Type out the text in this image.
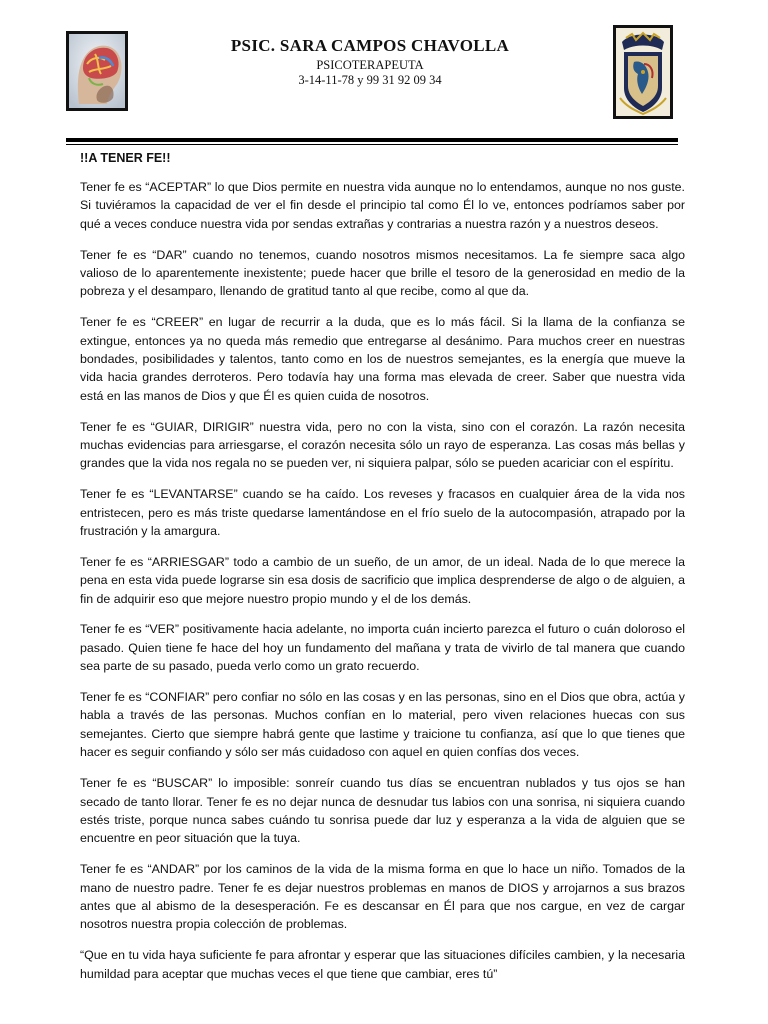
PSIC. SARA CAMPOS CHAVOLLA
PSICOTERAPEUTA
3-14-11-78 y 99 31 92 09 34
!!A TENER FE!!

Tener fe es “ACEPTAR” lo que Dios permite en nuestra vida aunque no lo entendamos, aunque no nos guste. Si tuviéramos la capacidad de ver el fin desde el principio tal como Él lo ve, entonces podríamos saber por qué a veces conduce nuestra vida por sendas extrañas y contrarias a nuestra razón y a nuestros deseos.

Tener fe es “DAR” cuando no tenemos, cuando nosotros mismos necesitamos. La fe siempre saca algo valioso de lo aparentemente inexistente; puede hacer que brille el tesoro de la generosidad en medio de la pobreza y el desamparo, llenando de gratitud tanto al que recibe, como al que da.

Tener fe es “CREER” en lugar de recurrir a la duda, que es lo más fácil. Si la llama de la confianza se extingue, entonces ya no queda más remedio que entregarse al desánimo. Para muchos creer en nuestras bondades, posibilidades y talentos, tanto como en los de nuestros semejantes, es la energía que mueve la vida hacia grandes derroteros. Pero todavía hay una forma mas elevada de creer. Saber que nuestra vida está en las manos de Dios y que Él es quien cuida de nosotros.

Tener fe es “GUIAR, DIRIGIR” nuestra vida, pero no con la vista, sino con el corazón. La razón necesita muchas evidencias para arriesgarse, el corazón necesita sólo un rayo de esperanza. Las cosas más bellas y grandes que la vida nos regala no se pueden ver, ni siquiera palpar, sólo se pueden acariciar con el espíritu.

Tener fe es “LEVANTARSE” cuando se ha caído. Los reveses y fracasos en cualquier área de la vida nos entristecen, pero es más triste quedarse lamentándose en el frío suelo de la autocompasión, atrapado por la frustración y la amargura.

Tener fe es “ARRIESGAR” todo a cambio de un sueño, de un amor, de un ideal. Nada de lo que merece la pena en esta vida puede lograrse sin esa dosis de sacrificio que implica desprenderse de algo o de alguien, a fin de adquirir eso que mejore nuestro propio mundo y el de los demás.

Tener fe es “VER” positivamente hacia adelante, no importa cuán incierto parezca el futuro o cuán doloroso el pasado. Quien tiene fe hace del hoy un fundamento del mañana y trata de vivirlo de tal manera que cuando sea parte de su pasado, pueda verlo como un grato recuerdo.

Tener fe es “CONFIAR” pero confiar no sólo en las cosas y en las personas, sino en el Dios que obra, actúa y habla a través de las personas. Muchos confían en lo material, pero viven relaciones huecas con sus semejantes. Cierto que siempre habrá gente que lastime y traicione tu confianza, así que lo que tienes que hacer es seguir confiando y sólo ser más cuidadoso con aquel en quien confías dos veces.

Tener fe es “BUSCAR” lo imposible: sonreír cuando tus días se encuentran nublados y tus ojos se han secado de tanto llorar. Tener fe es no dejar nunca de desnudar tus labios con una sonrisa, ni siquiera cuando estés triste, porque nunca sabes cuándo tu sonrisa puede dar luz y esperanza a la vida de alguien que se encuentre en peor situación que la tuya.

Tener fe es “ANDAR” por los caminos de la vida de la misma forma en que lo hace un niño. Tomados de la mano de nuestro padre. Tener fe es dejar nuestros problemas en manos de DIOS y arrojarnos a sus brazos antes que al abismo de la desesperación. Fe es descansar en Él para que nos cargue, en vez de cargar nosotros nuestra propia colección de problemas.

“Que en tu vida haya suficiente fe para afrontar y esperar que las situaciones difíciles cambien, y la necesaria humildad para aceptar que muchas veces el que tiene que cambiar, eres tú”
